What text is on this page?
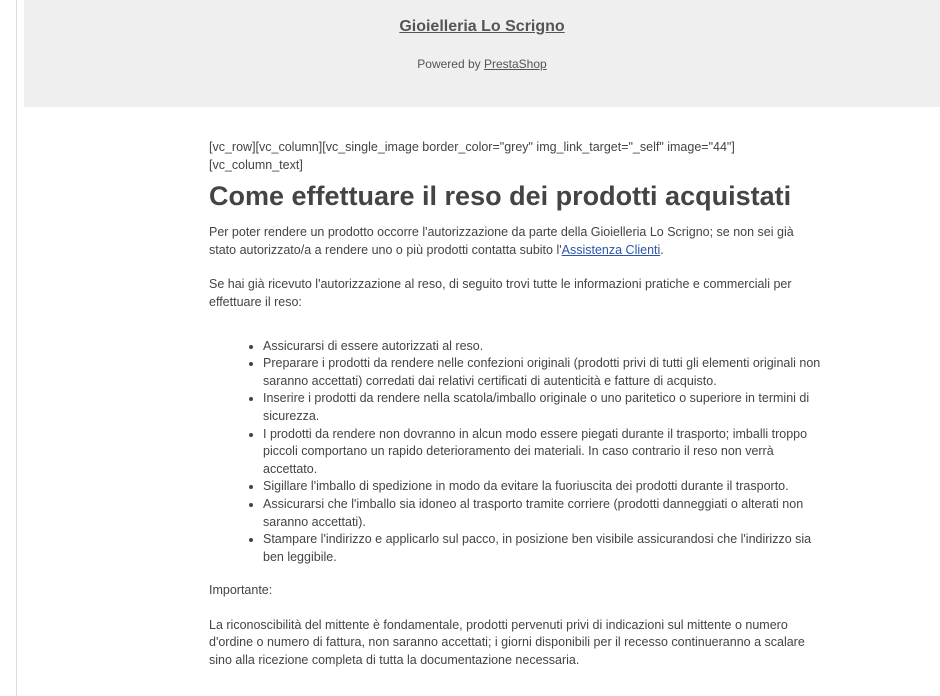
Gioielleria Lo Scrigno
Powered by PrestaShop
[vc_row][vc_column][vc_single_image border_color="grey" img_link_target="_self" image="44"][vc_column_text]
Come effettuare il reso dei prodotti acquistati

Per poter rendere un prodotto occorre l'autorizzazione da parte della Gioielleria Lo Scrigno; se non sei già stato autorizzato/a a rendere uno o più prodotti contatta subito l'Assistenza Clienti.

Se hai già ricevuto l'autorizzazione al reso, di seguito trovi tutte le informazioni pratiche e commerciali per effettuare il reso:

• Assicurarsi di essere autorizzati al reso.
• Preparare i prodotti da rendere nelle confezioni originali (prodotti privi di tutti gli elementi originali non saranno accettati) corredati dai relativi certificati di autenticità e fatture di acquisto.
• Inserire i prodotti da rendere nella scatola/imballo originale o uno paritetico o superiore in termini di sicurezza.
• I prodotti da rendere non dovranno in alcun modo essere piegati durante il trasporto; imballi troppo piccoli comportano un rapido deterioramento dei materiali. In caso contrario il reso non verrà accettato.
• Sigillare l'imballo di spedizione in modo da evitare la fuoriuscita dei prodotti durante il trasporto.
• Assicurarsi che l'imballo sia idoneo al trasporto tramite corriere (prodotti danneggiati o alterati non saranno accettati).
• Stampare l'indirizzo e applicarlo sul pacco, in posizione ben visibile assicurandosi che l'indirizzo sia ben leggibile.

Importante:

La riconoscibilità del mittente è fondamentale, prodotti pervenuti privi di indicazioni sul mittente o numero d'ordine o numero di fattura, non saranno accettati; i giorni disponibili per il recesso continueranno a scalare sino alla ricezione completa di tutta la documentazione necessaria.
